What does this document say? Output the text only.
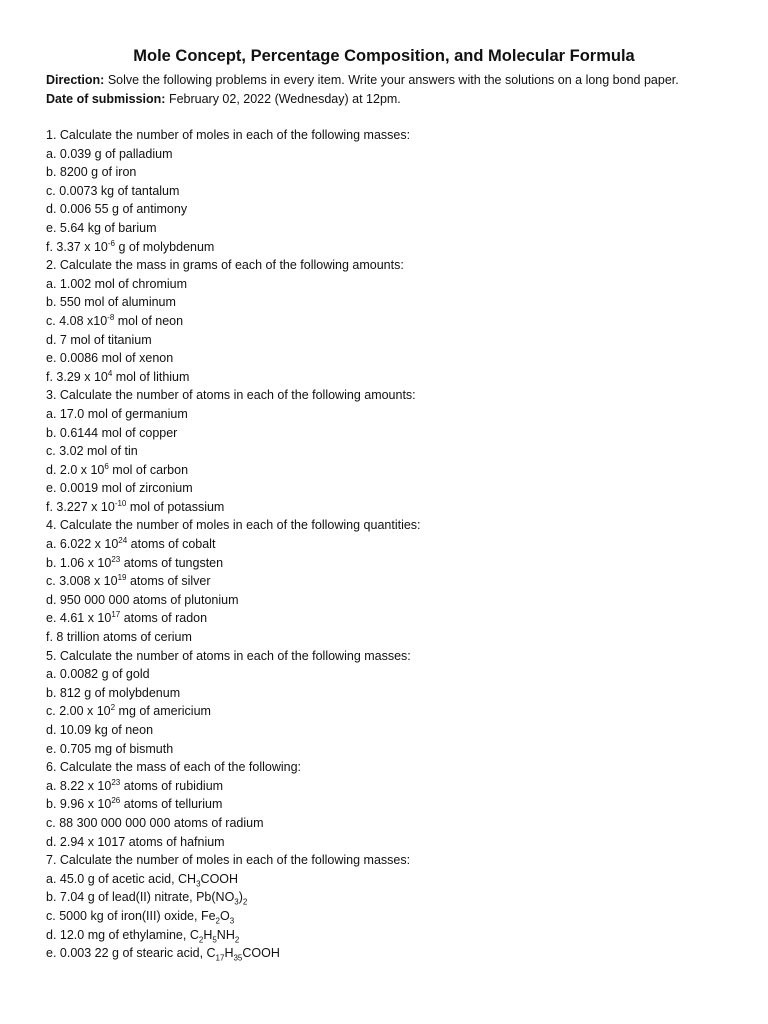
Mole Concept, Percentage Composition, and Molecular Formula
Direction: Solve the following problems in every item. Write your answers with the solutions on a long bond paper.
Date of submission: February 02, 2022 (Wednesday) at 12pm.
1. Calculate the number of moles in each of the following masses:
a. 0.039 g of palladium
b. 8200 g of iron
c. 0.0073 kg of tantalum
d. 0.006 55 g of antimony
e. 5.64 kg of barium
f. 3.37 x $10^{-6}$ g of molybdenum
2. Calculate the mass in grams of each of the following amounts:
a. 1.002 mol of chromium
b. 550 mol of aluminum
c. 4.08 $x10^{-8}$ mol of neon
d. 7 mol of titanium
e. 0.0086 mol of xenon
f. 3.29 x $10^4$ mol of lithium
3. Calculate the number of atoms in each of the following amounts:
a. 17.0 mol of germanium
b. 0.6144 mol of copper
c. 3.02 mol of tin
d. 2.0 x $10^6$ mol of carbon
e. 0.0019 mol of zirconium
f. 3.227 x $10^{-10}$ mol of potassium
4. Calculate the number of moles in each of the following quantities:
a. 6.022 x $10^{24}$ atoms of cobalt
b. 1.06 x $10^{23}$ atoms of tungsten
c. 3.008 x $10^{19}$ atoms of silver
d. 950 000 000 atoms of plutonium
e. 4.61 x $10^{17}$ atoms of radon
f. 8 trillion atoms of cerium
5. Calculate the number of atoms in each of the following masses:
a. 0.0082 g of gold
b. 812 g of molybdenum
c. 2.00 x $10^2$ mg of americium
d. 10.09 kg of neon
e. 0.705 mg of bismuth
6. Calculate the mass of each of the following:
a. 8.22 x $10^{23}$ atoms of rubidium
b. 9.96 x $10^{26}$ atoms of tellurium
c. 88 300 000 000 000 atoms of radium
d. 2.94 x 1017 atoms of hafnium
7. Calculate the number of moles in each of the following masses:
a. 45.0 g of acetic acid, $CH_3COOH$
b. 7.04 g of lead(II) nitrate, $Pb(NO_3)_2$
c. 5000 kg of iron(III) oxide, $Fe_2O_3$
d. 12.0 mg of ethylamine, $C_2H_5NH_2$
e. 0.003 22 g of stearic acid, $C_{17}H_{35}COOH$
